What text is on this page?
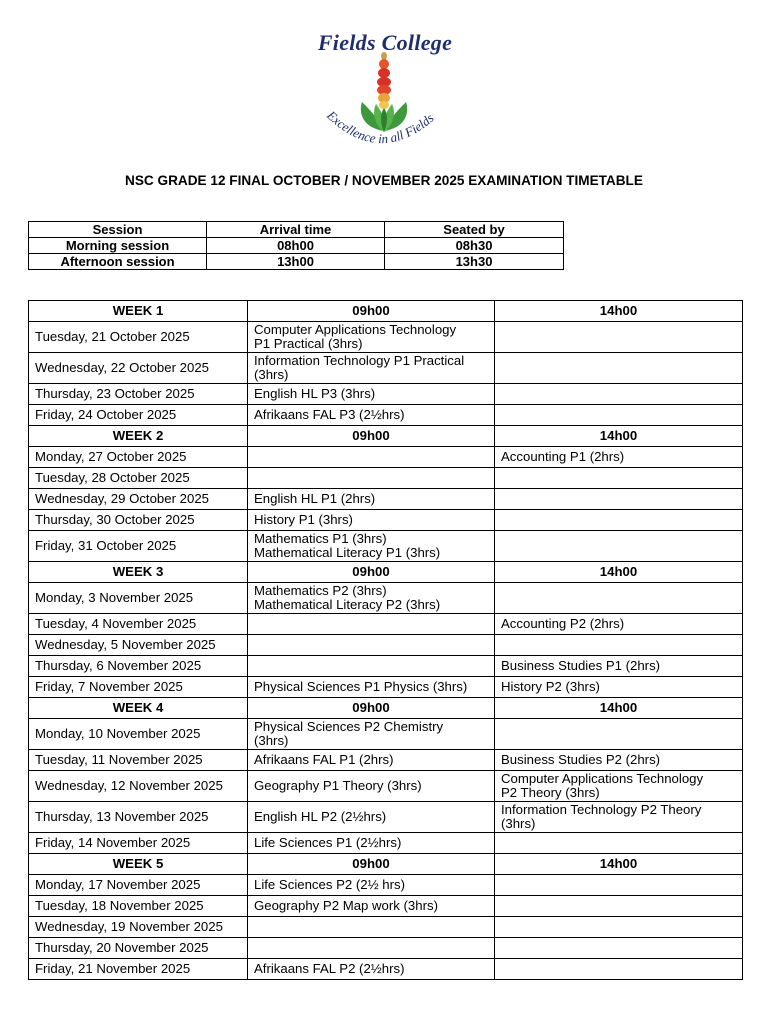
Excellence in all Fields
Fields College
NSC GRADE 12 FINAL OCTOBER / NOVEMBER 2025 EXAMINATION TIMETABLE
Session	Arrival time	Seated by
Morning session	08h00	08h30
Afternoon session	13h00	13h30
WEEK 1	09h00	14h00
Tuesday, 21 October 2025	Computer Applications Technology
P1 Practical (3hrs)	

Wednesday, 22 October 2025	Information Technology P1 Practical
(3hrs)	

Thursday, 23 October 2025	English HL P3 (3hrs)	

Friday, 24 October 2025	Afrikaans FAL P3 (2½hrs)	

WEEK 2	09h00	14h00
Monday, 27 October 2025		Accounting P1 (2hrs)

Tuesday, 28 October 2025		
Wednesday, 29 October 2025	English HL P1 (2hrs)	

Thursday, 30 October 2025	History P1 (3hrs)	

Friday, 31 October 2025	Mathematics P1 (3hrs)
Mathematical Literacy P1 (3hrs)	

WEEK 3	09h00	14h00
Monday, 3 November 2025	Mathematics P2 (3hrs)
Mathematical Literacy P2 (3hrs)	

Tuesday, 4 November 2025		Accounting P2 (2hrs)

Wednesday, 5 November 2025		
Thursday, 6 November 2025		Business Studies P1 (2hrs)

Friday, 7 November 2025	Physical Sciences P1 Physics (3hrs)	History P2 (3hrs)

WEEK 4	09h00	14h00
Monday, 10 November 2025	Physical Sciences P2 Chemistry
(3hrs)	

Tuesday, 11 November 2025	Afrikaans FAL P1 (2hrs)	Business Studies P2 (2hrs)

Wednesday, 12 November 2025	Geography P1 Theory (3hrs)	Computer Applications Technology
P2 Theory (3hrs)

Thursday, 13 November 2025	English HL P2 (2½hrs)	Information Technology P2 Theory
(3hrs)

Friday, 14 November 2025	Life Sciences P1 (2½hrs)	

WEEK 5	09h00	14h00
Monday, 17 November 2025	Life Sciences P2 (2½ hrs)	

Tuesday, 18 November 2025	Geography P2 Map work (3hrs)	

Wednesday, 19 November 2025		
Thursday, 20 November 2025		
Friday, 21 November 2025	Afrikaans FAL P2 (2½hrs)	
